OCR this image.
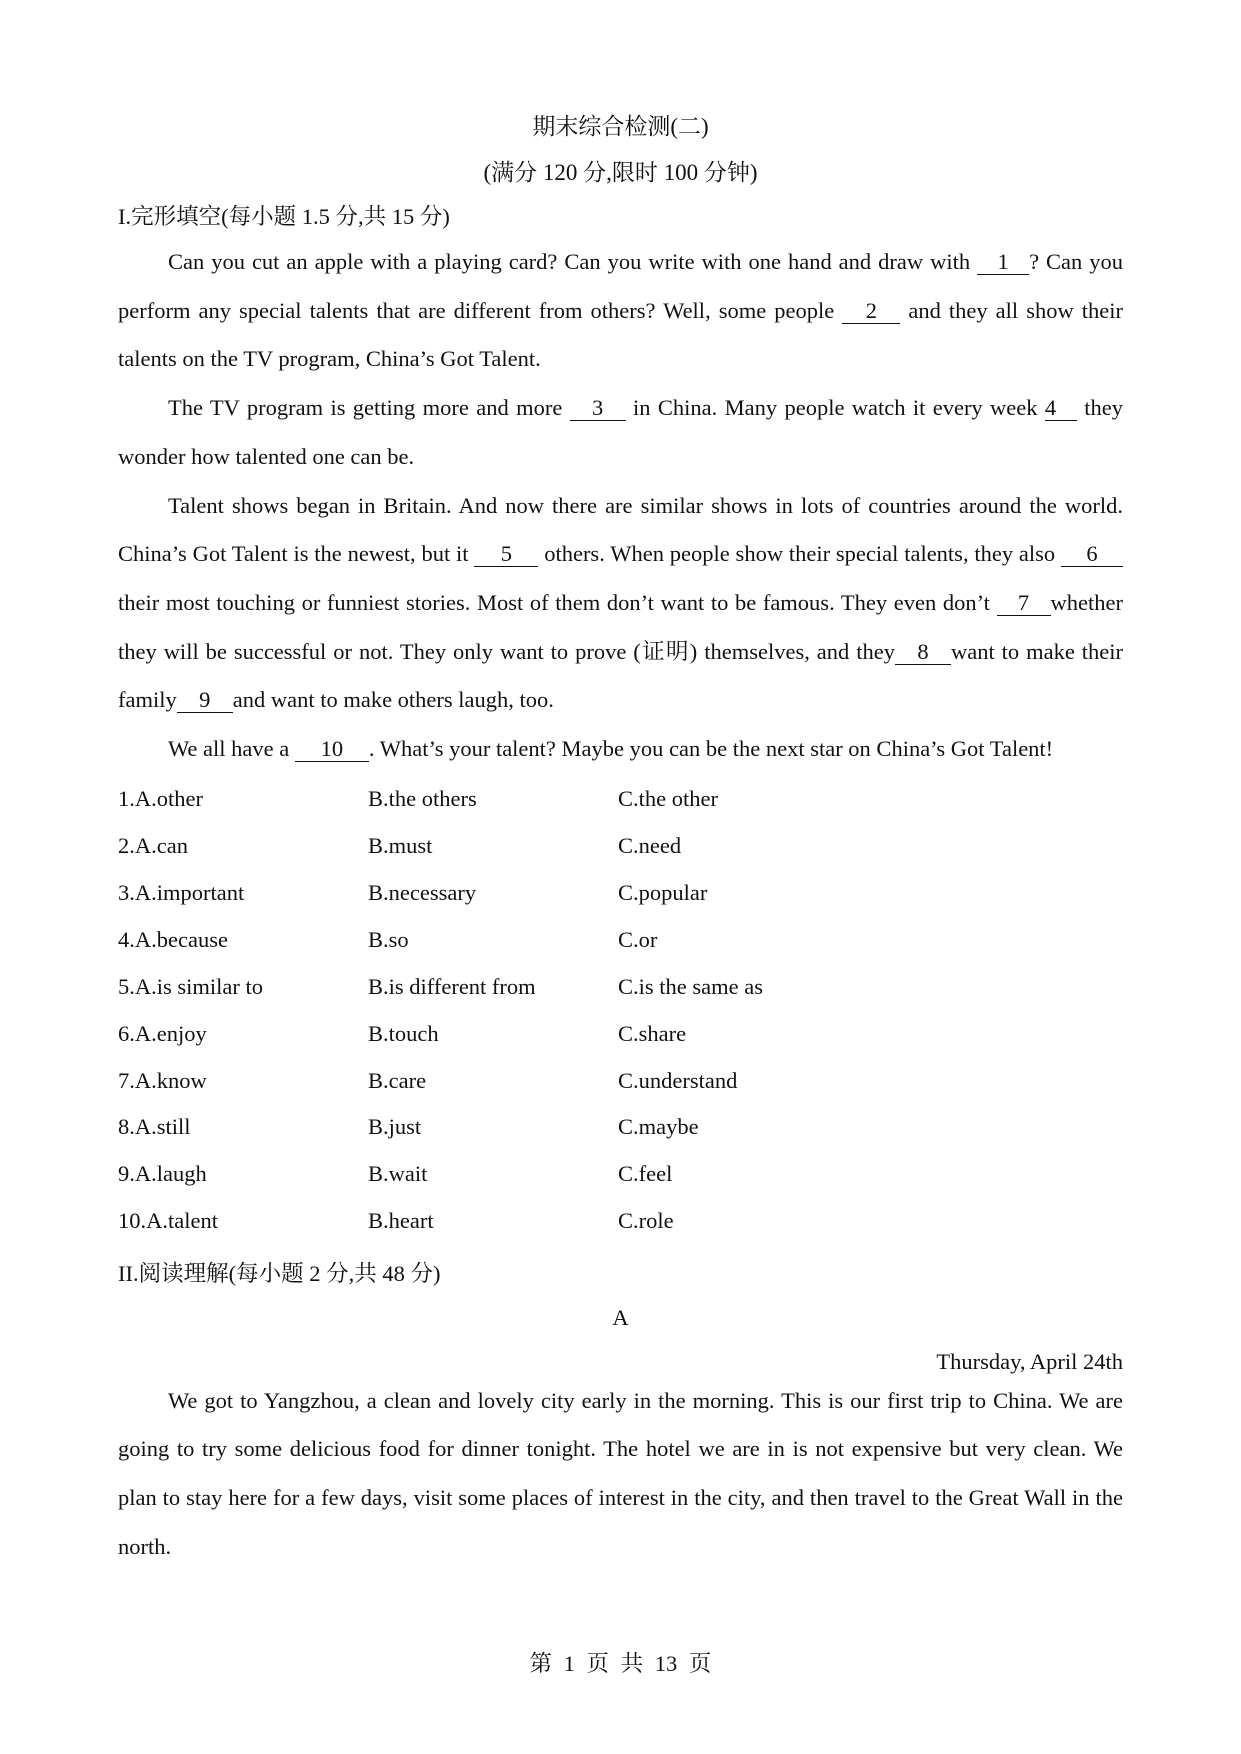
期末综合检测(二)

(满分 120 分,限时 100 分钟)
I.完形填空(每小题 1.5 分,共 15 分)

Can you cut an apple with a playing card? Can you write with one hand and draw with 1 ? Can you perform any special talents that are different from others? Well, some people 2 and they all show their talents on the TV program, China’s Got Talent.

The TV program is getting more and more 3 in China. Many people watch it every week 4 they wonder how talented one can be.

Talent shows began in Britain. And now there are similar shows in lots of countries around the world. China’s Got Talent is the newest, but it 5 others. When people show their special talents, they also 6 their most touching or funniest stories. Most of them don’t want to be famous. They even don’t 7 whether they will be successful or not. They only want to prove (证明) themselves, and they 8 want to make their family 9 and want to make others laugh, too.

We all have a 10 . What’s your talent? Maybe you can be the next star on China’s Got Talent!

1.A.other	B.the others	C.the other
2.A.can	B.must	C.need
3.A.important	B.necessary	C.popular
4.A.because	B.so	C.or
5.A.is similar to	B.is different from	C.is the same as
6.A.enjoy	B.touch	C.share
7.A.know	B.care	C.understand
8.A.still	B.just	C.maybe
9.A.laugh	B.wait	C.feel
10.A.talent	B.heart	C.role
II.阅读理解(每小题 2 分,共 48 分)
A
Thursday, April 24th

We got to Yangzhou, a clean and lovely city early in the morning. This is our first trip to China. We are going to try some delicious food for dinner tonight. The hotel we are in is not expensive but very clean. We plan to stay here for a few days, visit some places of interest in the city, and then travel to the Great Wall in the north.

第 1 页 共 13 页
